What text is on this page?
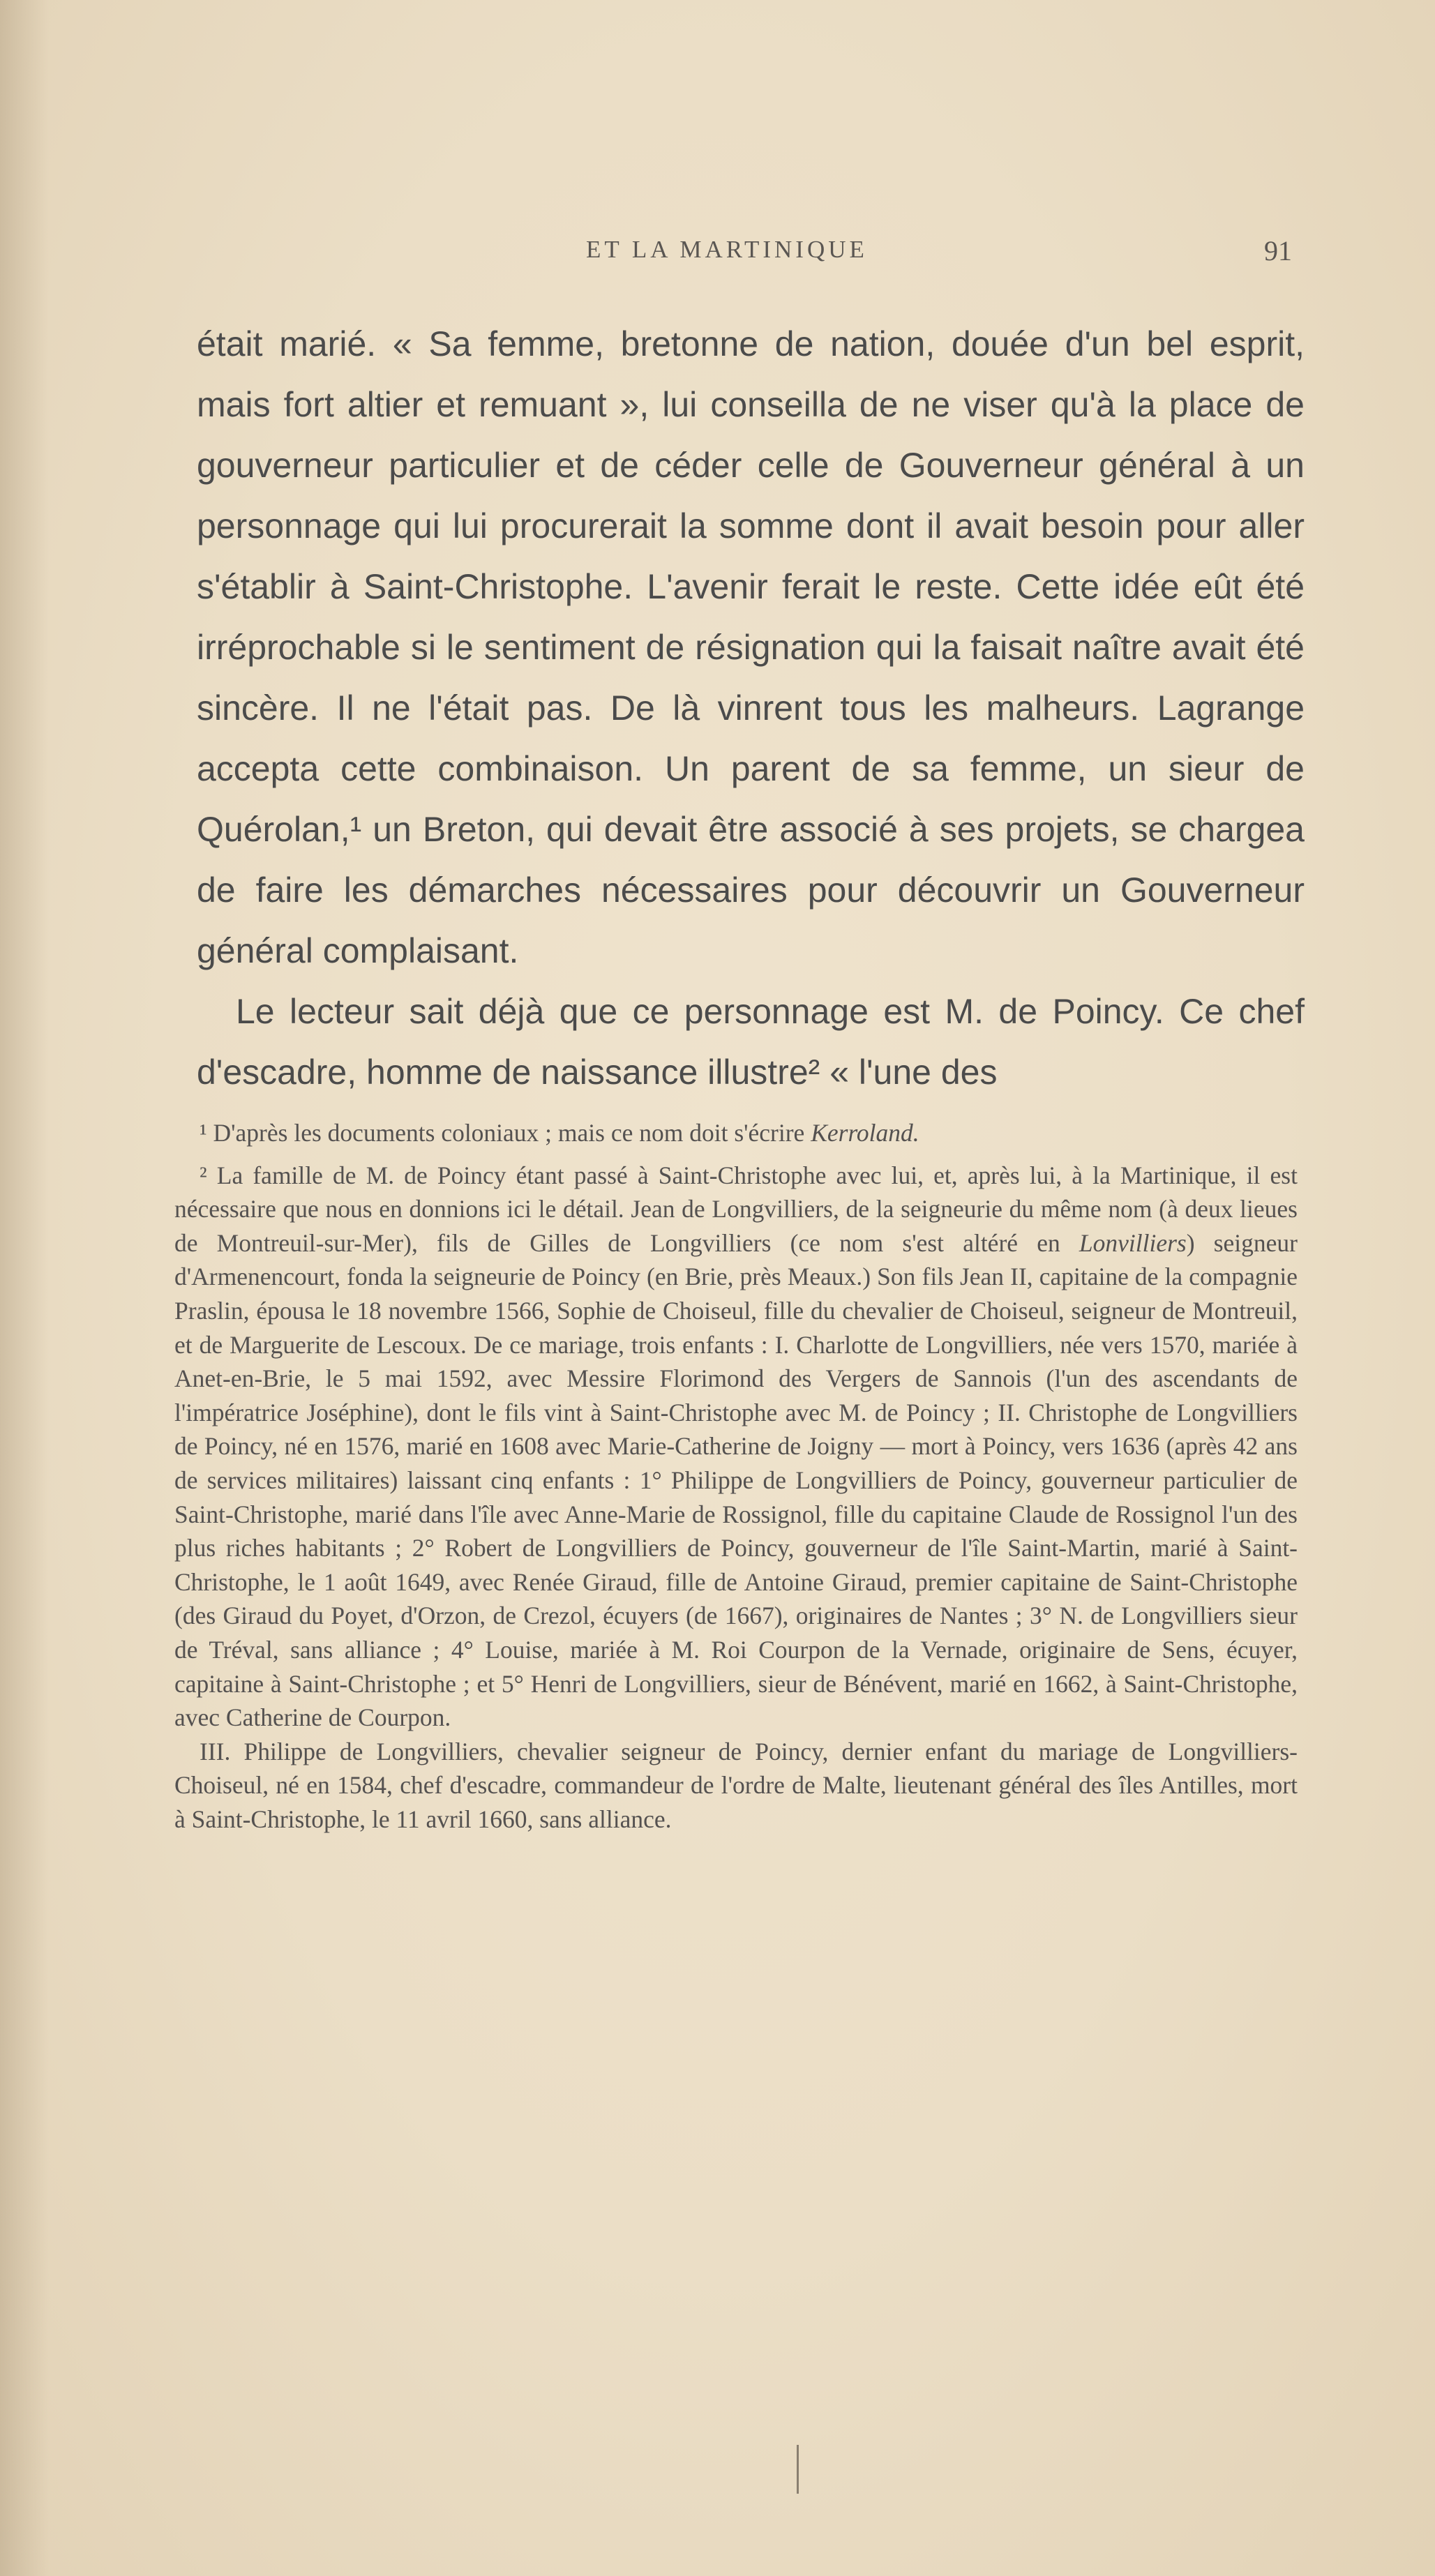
ET LA MARTINIQUE	91

était marié. « Sa femme, bretonne de nation, douée d'un bel esprit, mais fort altier et remuant », lui conseilla de ne viser qu'à la place de gouverneur particulier et de céder celle de Gouverneur général à un personnage qui lui procurerait la somme dont il avait besoin pour aller s'établir à Saint-Christophe. L'avenir ferait le reste. Cette idée eût été irréprochable si le sentiment de résignation qui la faisait naître avait été sincère. Il ne l'était pas. De là vinrent tous les malheurs. Lagrange accepta cette combinaison. Un parent de sa femme, un sieur de Quérolan,¹ un Breton, qui devait être associé à ses projets, se chargea de faire les démarches nécessaires pour découvrir un Gouverneur général complaisant.

Le lecteur sait déjà que ce personnage est M. de Poincy. Ce chef d'escadre, homme de naissance illustre² « l'une des

¹ D'après les documents coloniaux ; mais ce nom doit s'écrire Kerroland.

² La famille de M. de Poincy étant passé à Saint-Christophe avec lui, et, après lui, à la Martinique, il est nécessaire que nous en donnions ici le détail. Jean de Longvilliers, de la seigneurie du même nom (à deux lieues de Montreuil-sur-Mer), fils de Gilles de Longvilliers (ce nom s'est altéré en Lonvilliers) seigneur d'Armenencourt, fonda la seigneurie de Poincy (en Brie, près Meaux.) Son fils Jean II, capitaine de la compagnie Praslin, épousa le 18 novembre 1566, Sophie de Choiseul, fille du chevalier de Choiseul, seigneur de Montreuil, et de Marguerite de Lescoux. De ce mariage, trois enfants : I. Charlotte de Longvilliers, née vers 1570, mariée à Anet-en-Brie, le 5 mai 1592, avec Messire Florimond des Vergers de Sannois (l'un des ascendants de l'impératrice Joséphine), dont le fils vint à Saint-Christophe avec M. de Poincy ; II. Christophe de Longvilliers de Poincy, né en 1576, marié en 1608 avec Marie-Catherine de Joigny — mort à Poincy, vers 1636 (après 42 ans de services militaires) laissant cinq enfants : 1° Philippe de Longvilliers de Poincy, gouverneur particulier de Saint-Christophe, marié dans l'île avec Anne-Marie de Rossignol, fille du capitaine Claude de Rossignol l'un des plus riches habitants ; 2° Robert de Longvilliers de Poincy, gouverneur de l'île Saint-Martin, marié à Saint-Christophe, le 1 août 1649, avec Renée Giraud, fille de Antoine Giraud, premier capitaine de Saint-Christophe (des Giraud du Poyet, d'Orzon, de Crezol, écuyers (de 1667), originaires de Nantes ; 3° N. de Longvilliers sieur de Tréval, sans alliance ; 4° Louise, mariée à M. Roi Courpon de la Vernade, originaire de Sens, écuyer, capitaine à Saint-Christophe ; et 5° Henri de Longvilliers, sieur de Bénévent, marié en 1662, à Saint-Christophe, avec Catherine de Courpon.

III. Philippe de Longvilliers, chevalier seigneur de Poincy, dernier enfant du mariage de Longvilliers-Choiseul, né en 1584, chef d'escadre, commandeur de l'ordre de Malte, lieutenant général des îles Antilles, mort à Saint-Christophe, le 11 avril 1660, sans alliance.
